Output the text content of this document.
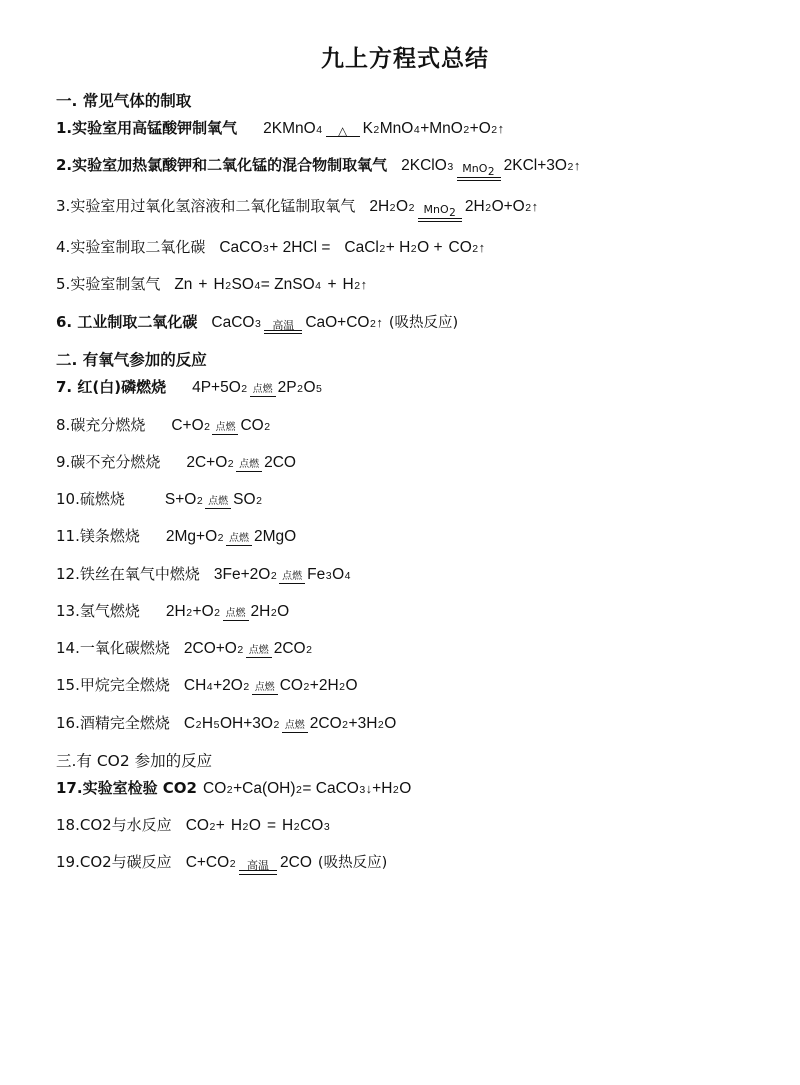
九上方程式总结
一. 常见气体的制取
1.实验室用高锰酸钾制氧气 2KMnO 4	△ K 2 MnO 4 +MnO 2 +O 2 ↑
2.实验室加热氯酸钾和二氧化锰的混合物制取氧气 2KClO 3 MnO2 2KCl+3O 2 ↑
3.实验室用过氧化氢溶液和二氧化锰制取氧气 2H 2 O 2 MnO2 2H 2 O+O 2 ↑
4.实验室制取二氧化碳 CaCO 3 + 2HCl = CaCl 2 + H 2 O +
CO 2 ↑
5.实验室制氢气 Zn
+
H 2 SO 4 = ZnSO 4 +
H 2 ↑
6. 工业制取二氧化碳 CaCO 3	高温 CaO+CO 2 ↑ (吸热反应)
二. 有氧气参加的反应
7. 红(白)磷燃烧 4P+5O 2 点燃 2P 2 O 5
8.碳充分燃烧 C+O 2 点燃 CO 2
9.碳不充分燃烧 2C+O 2 点燃 2CO
10.硫燃烧	S+O 2 点燃 SO 2
11.镁条燃烧 2Mg+O 2 点燃 2MgO
12.铁丝在氧气中燃烧 3Fe+2O 2 点燃 Fe 3 O 4
13.氢气燃烧 2H 2 +O 2 点燃 2H 2 O
14.一氧化碳燃烧 2CO+O 2 点燃 2CO 2
15.甲烷完全燃烧 CH 4 +2O 2 点燃 CO 2 +2H 2 O
16.酒精完全燃烧 C 2 H 5 OH+3O 2 点燃 2CO 2 +3H 2 O
三.有 CO2 参加的反应
17.实验室检验 CO2 CO 2 +Ca(OH) 2 = CaCO 3 ↓ +H 2 O
18.CO2与水反应 CO 2 +
H 2 O
=
H 2 CO 3
19.CO2与碳反应 C+CO 2	高温 2CO (吸热反应)
